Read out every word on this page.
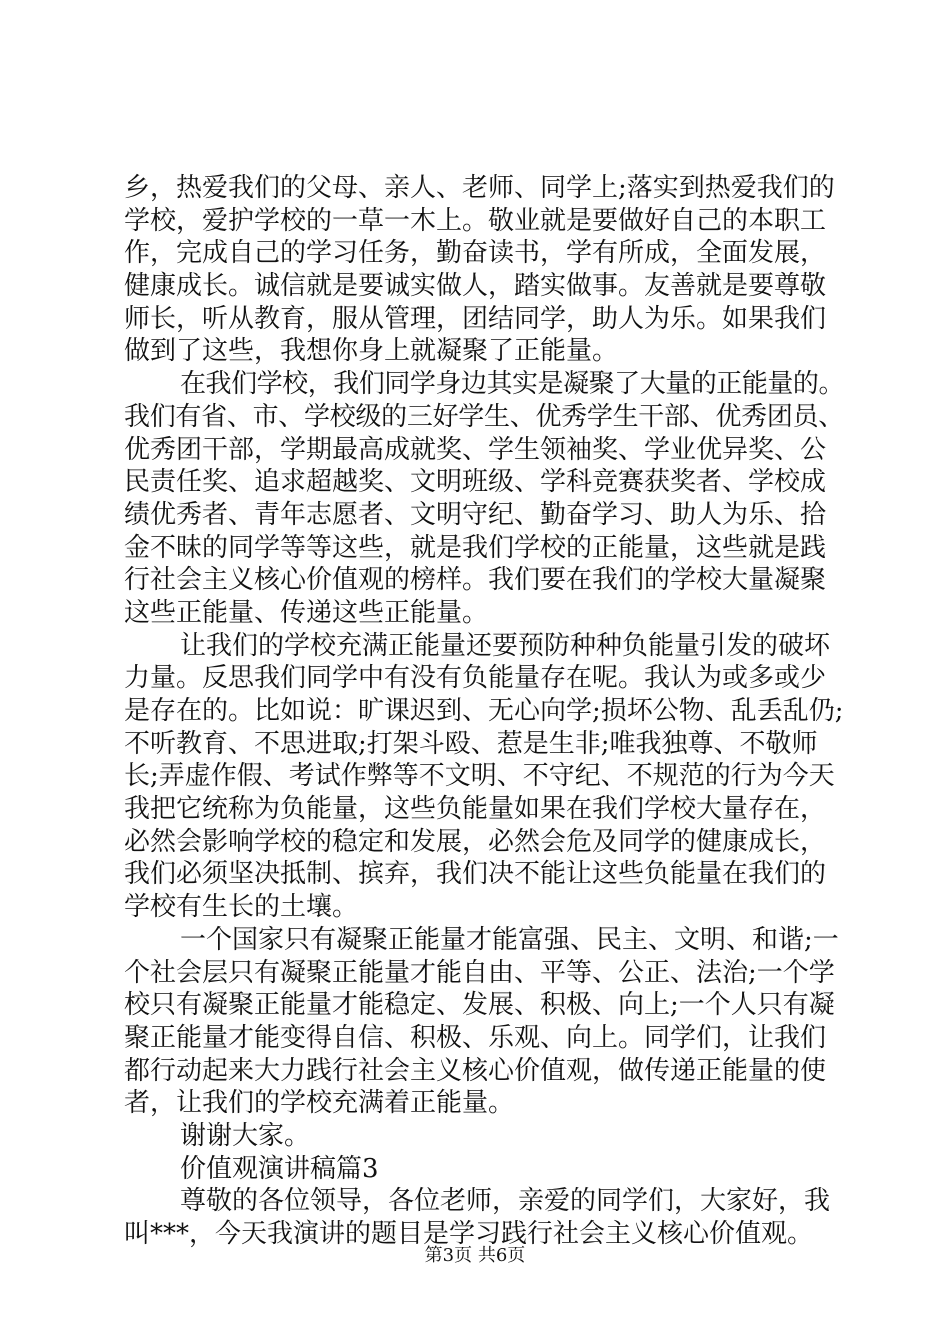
乡，热爱我们的父母、亲人、老师、同学上;落实到热爱我们的
学校，爱护学校的一草一木上。敬业就是要做好自己的本职工
作，完成自己的学习任务，勤奋读书，学有所成，全面发展，
健康成长。诚信就是要诚实做人，踏实做事。友善就是要尊敬
师长，听从教育，服从管理，团结同学，助人为乐。如果我们
做到了这些，我想你身上就凝聚了正能量。
在我们学校，我们同学身边其实是凝聚了大量的正能量的。
我们有省、市、学校级的三好学生、优秀学生干部、优秀团员、
优秀团干部，学期最高成就奖、学生领袖奖、学业优异奖、公
民责任奖、追求超越奖、文明班级、学科竞赛获奖者、学校成
绩优秀者、青年志愿者、文明守纪、勤奋学习、助人为乐、拾
金不昧的同学等等这些，就是我们学校的正能量，这些就是践
行社会主义核心价值观的榜样。我们要在我们的学校大量凝聚
这些正能量、传递这些正能量。
让我们的学校充满正能量还要预防种种负能量引发的破坏
力量。反思我们同学中有没有负能量存在呢。我认为或多或少
是存在的。比如说：旷课迟到、无心向学;损坏公物、乱丢乱仍;
不听教育、不思进取;打架斗殴、惹是生非;唯我独尊、不敬师
长;弄虚作假、考试作弊等不文明、不守纪、不规范的行为今天
我把它统称为负能量，这些负能量如果在我们学校大量存在，
必然会影响学校的稳定和发展，必然会危及同学的健康成长，
我们必须坚决抵制、摈弃，我们决不能让这些负能量在我们的
学校有生长的土壤。
一个国家只有凝聚正能量才能富强、民主、文明、和谐;一
个社会层只有凝聚正能量才能自由、平等、公正、法治;一个学
校只有凝聚正能量才能稳定、发展、积极、向上;一个人只有凝
聚正能量才能变得自信、积极、乐观、向上。同学们，让我们
都行动起来大力践行社会主义核心价值观，做传递正能量的使
者，让我们的学校充满着正能量。
谢谢大家。
价值观演讲稿篇3
尊敬的各位领导，各位老师，亲爱的同学们，大家好，我
叫***，今天我演讲的题目是学习践行社会主义核心价值观。
第3页 共6页
